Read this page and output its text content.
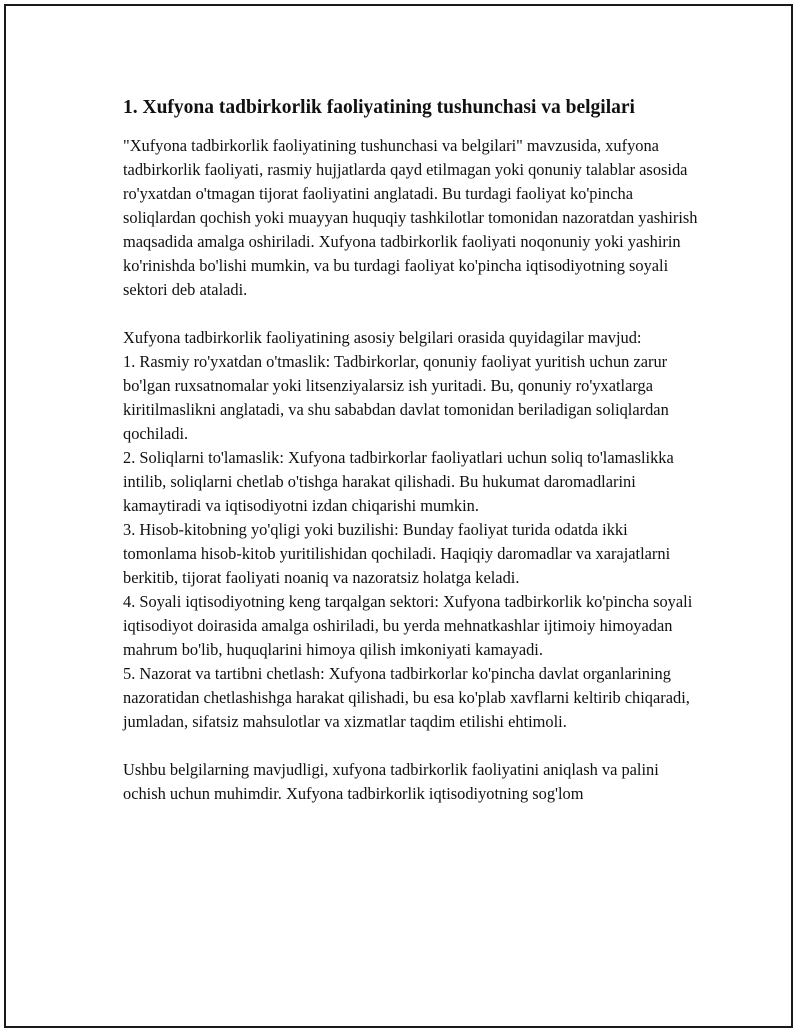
1. Xufyona tadbirkorlik faoliyatining tushunchasi va belgilari

"Xufyona tadbirkorlik faoliyatining tushunchasi va belgilari" mavzusida, xufyona tadbirkorlik faoliyati, rasmiy hujjatlarda qayd etilmagan yoki qonuniy talablar asosida ro'yxatdan o'tmagan tijorat faoliyatini anglatadi. Bu turdagi faoliyat ko'pincha soliqlardan qochish yoki muayyan huquqiy tashkilotlar tomonidan nazoratdan yashirish maqsadida amalga oshiriladi. Xufyona tadbirkorlik faoliyati noqonuniy yoki yashirin ko'rinishda bo'lishi mumkin, va bu turdagi faoliyat ko'pincha iqtisodiyotning soyali sektori deb ataladi.

Xufyona tadbirkorlik faoliyatining asosiy belgilari orasida quyidagilar mavjud:

1. Rasmiy ro'yxatdan o'tmaslik: Tadbirkorlar, qonuniy faoliyat yuritish uchun zarur bo'lgan ruxsatnomalar yoki litsenziyalarsiz ish yuritadi. Bu, qonuniy ro'yxatlarga kiritilmaslikni anglatadi, va shu sababdan davlat tomonidan beriladigan soliqlardan qochiladi.

2. Soliqlarni to'lamaslik: Xufyona tadbirkorlar faoliyatlari uchun soliq to'lamaslikka intilib, soliqlarni chetlab o'tishga harakat qilishadi. Bu hukumat daromadlarini kamaytiradi va iqtisodiyotni izdan chiqarishi mumkin.

3. Hisob-kitobning yo'qligi yoki buzilishi: Bunday faoliyat turida odatda ikki tomonlama hisob-kitob yuritilishidan qochiladi. Haqiqiy daromadlar va xarajatlarni berkitib, tijorat faoliyati noaniq va nazoratsiz holatga keladi.

4. Soyali iqtisodiyotning keng tarqalgan sektori: Xufyona tadbirkorlik ko'pincha soyali iqtisodiyot doirasida amalga oshiriladi, bu yerda mehnatkashlar ijtimoiy himoyadan mahrum bo'lib, huquqlarini himoya qilish imkoniyati kamayadi.

5. Nazorat va tartibni chetlash: Xufyona tadbirkorlar ko'pincha davlat organlarining nazoratidan chetlashishga harakat qilishadi, bu esa ko'plab xavflarni keltirib chiqaradi, jumladan, sifatsiz mahsulotlar va xizmatlar taqdim etilishi ehtimoli.

Ushbu belgilarning mavjudligi, xufyona tadbirkorlik faoliyatini aniqlash va palini ochish uchun muhimdir. Xufyona tadbirkorlik iqtisodiyotning sog'lom
